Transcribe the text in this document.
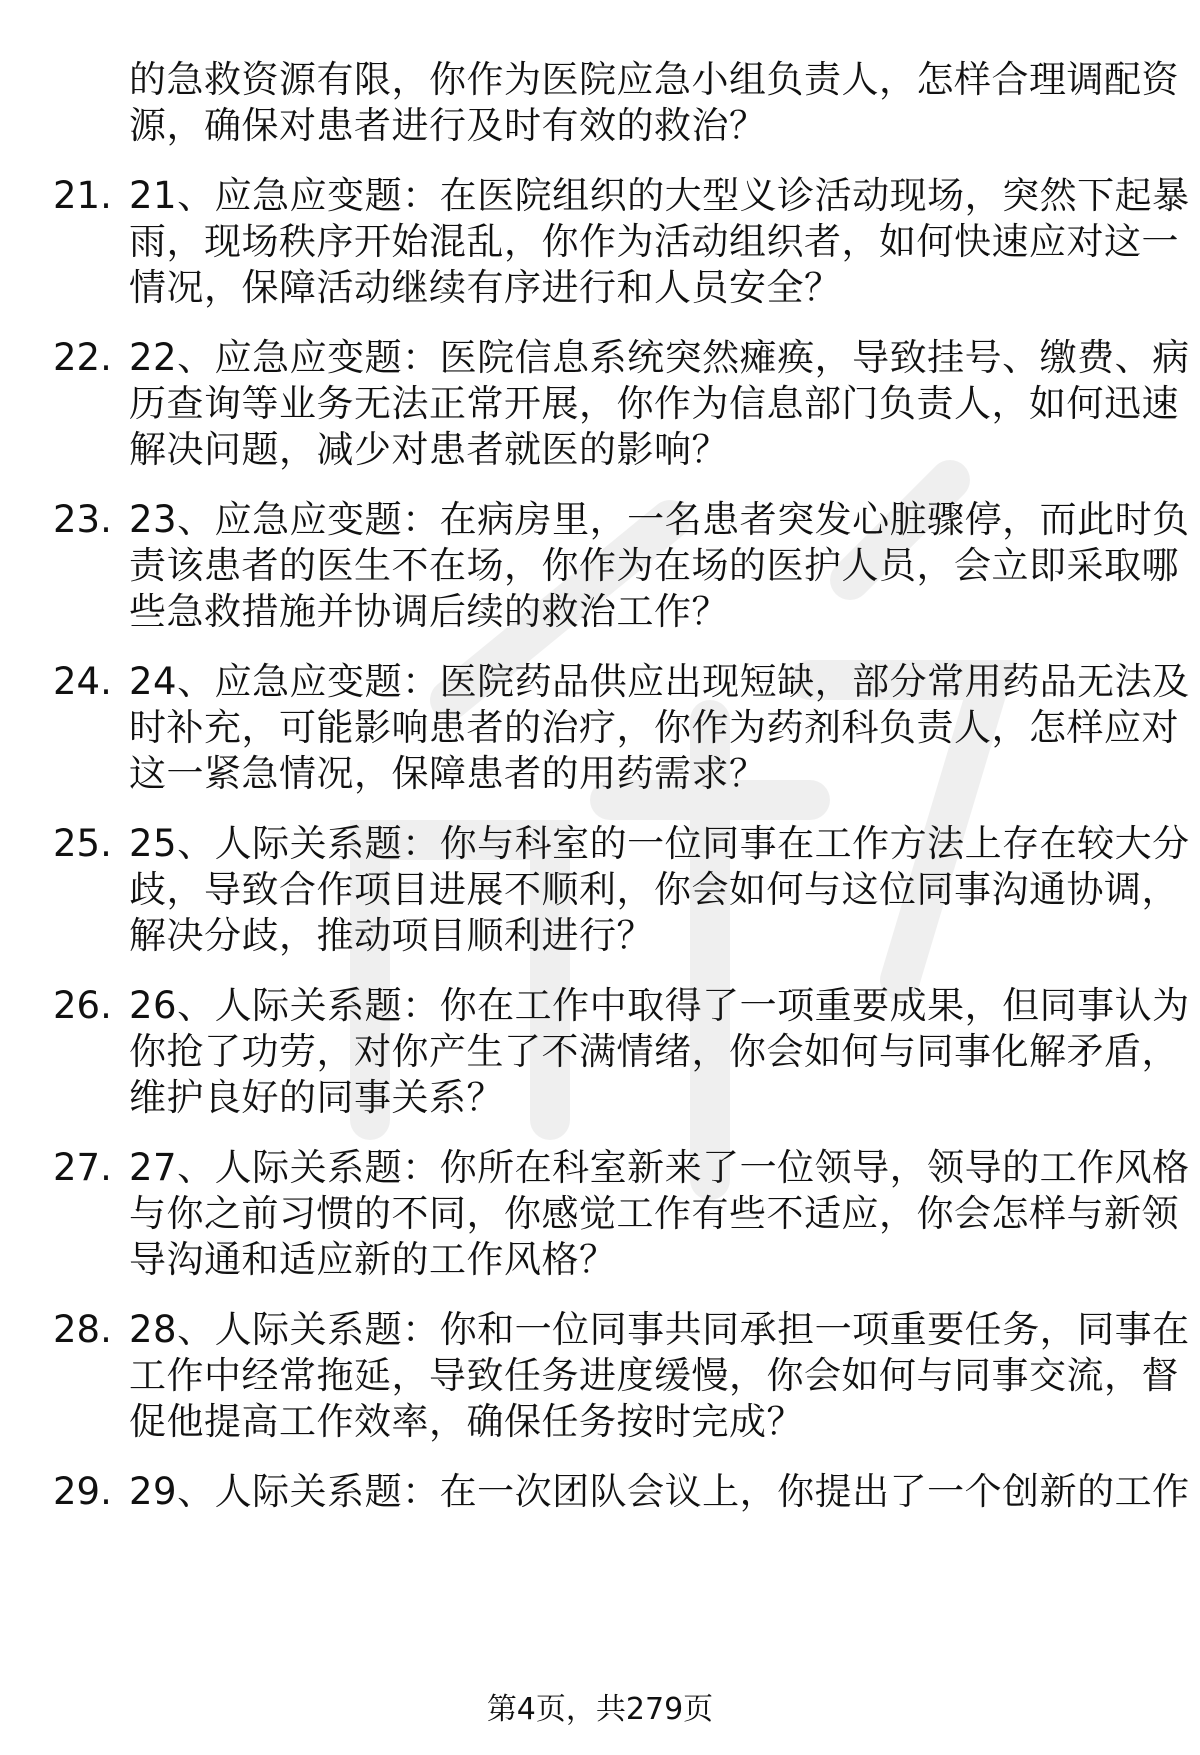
的急救资源有限，你作为医院应急小组负责人，怎样合理调配资
源，确保对患者进行及时有效的救治？
21. 21、应急应变题：在医院组织的大型义诊活动现场，突然下起暴
雨，现场秩序开始混乱，你作为活动组织者，如何快速应对这一
情况，保障活动继续有序进行和人员安全？
22. 22、应急应变题：医院信息系统突然瘫痪，导致挂号、缴费、病
历查询等业务无法正常开展，你作为信息部门负责人，如何迅速
解决问题，减少对患者就医的影响？
23. 23、应急应变题：在病房里，一名患者突发心脏骤停，而此时负
责该患者的医生不在场，你作为在场的医护人员，会立即采取哪
些急救措施并协调后续的救治工作？
24. 24、应急应变题：医院药品供应出现短缺，部分常用药品无法及
时补充，可能影响患者的治疗，你作为药剂科负责人，怎样应对
这一紧急情况，保障患者的用药需求？
25. 25、人际关系题：你与科室的一位同事在工作方法上存在较大分
歧，导致合作项目进展不顺利，你会如何与这位同事沟通协调，
解决分歧，推动项目顺利进行？
26. 26、人际关系题：你在工作中取得了一项重要成果，但同事认为
你抢了功劳，对你产生了不满情绪，你会如何与同事化解矛盾，
维护良好的同事关系？
27. 27、人际关系题：你所在科室新来了一位领导，领导的工作风格
与你之前习惯的不同，你感觉工作有些不适应，你会怎样与新领
导沟通和适应新的工作风格？
28. 28、人际关系题：你和一位同事共同承担一项重要任务，同事在
工作中经常拖延，导致任务进度缓慢，你会如何与同事交流，督
促他提高工作效率，确保任务按时完成？
29. 29、人际关系题：在一次团队会议上，你提出了一个创新的工作
第4页，共279页
